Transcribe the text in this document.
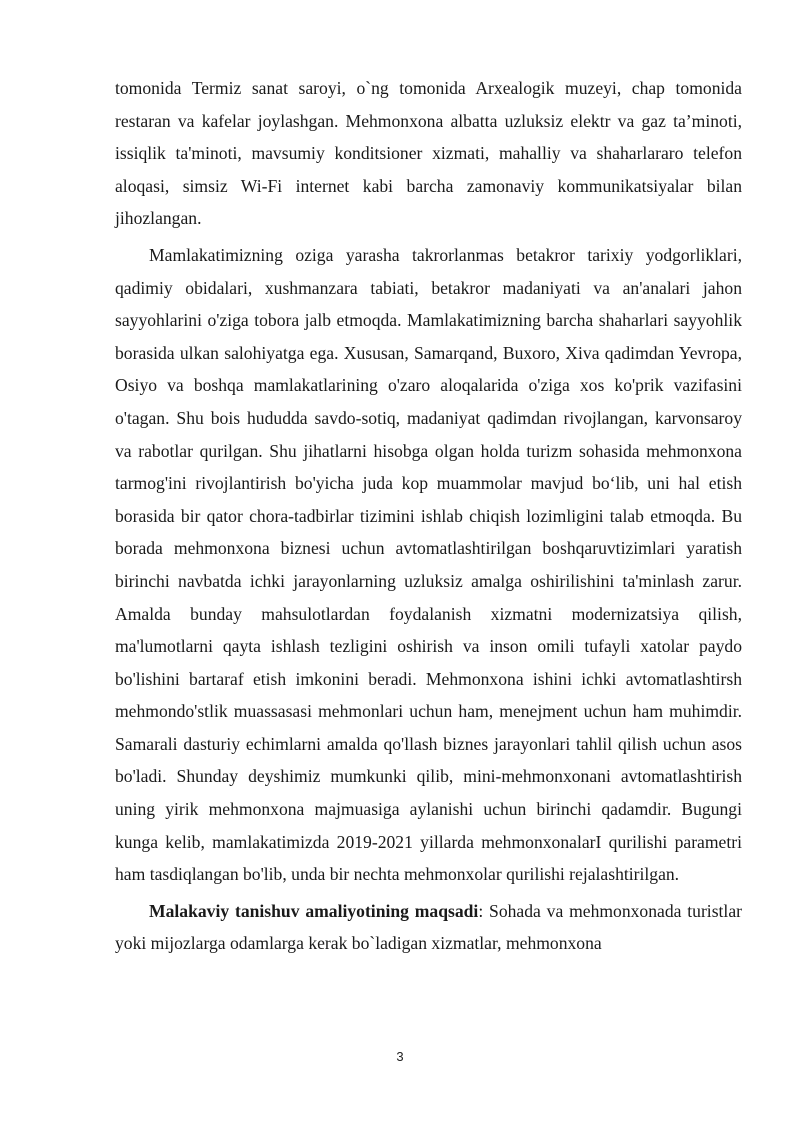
tomonida Termiz sanat saroyi, o`ng tomonida Arxealogik muzeyi, chap tomonida restaran va kafelar joylashgan. Mehmonxona albatta uzluksiz elektr va gaz ta’minoti, issiqlik ta'minoti, mavsumiy konditsioner xizmati, mahalliy va shaharlararo telefon aloqasi, simsiz Wi-Fi internet kabi barcha zamonaviy kommunikatsiyalar bilan jihozlangan.

Mamlakatimizning oziga yarasha takrorlanmas betakror tarixiy yodgorliklari, qadimiy obidalari, xushmanzara tabiati, betakror madaniyati va an'analari jahon sayyohlarini o'ziga tobora jalb etmoqda. Mamlakatimizning barcha shaharlari sayyohlik borasida ulkan salohiyatga ega. Xususan, Samarqand, Buxoro, Xiva qadimdan Yevropa, Osiyo va boshqa mamlakatlarining o'zaro aloqalarida o'ziga xos ko'prik vazifasini o'tagan. Shu bois hududda savdo-sotiq, madaniyat qadimdan rivojlangan, karvonsaroy va rabotlar qurilgan. Shu jihatlarni hisobga olgan holda turizm sohasida mehmonxona tarmog'ini rivojlantirish bo'yicha juda kop muammolar mavjud bo‘lib, uni hal etish borasida bir qator chora-tadbirlar tizimini ishlab chiqish lozimligini talab etmoqda. Bu borada mehmonxona biznesi uchun avtomatlashtirilgan boshqaruvtizimlari yaratish birinchi navbatda ichki jarayonlarning uzluksiz amalga oshirilishini ta'minlash zarur. Amalda bunday mahsulotlardan foydalanish xizmatni modernizatsiya qilish, ma'lumotlarni qayta ishlash tezligini oshirish va inson omili tufayli xatolar paydo bo'lishini bartaraf etish imkonini beradi. Mehmonxona ishini ichki avtomatlashtirsh mehmondo'stlik muassasasi mehmonlari uchun ham, menejment uchun ham muhimdir. Samarali dasturiy echimlarni amalda qo'llash biznes jarayonlari tahlil qilish uchun asos bo'ladi. Shunday deyshimiz mumkunki qilib, mini-mehmonxonani avtomatlashtirish uning yirik mehmonxona majmuasiga aylanishi uchun birinchi qadamdir. Bugungi kunga kelib, mamlakatimizda 2019-2021 yillarda mehmonxonalarI qurilishi parametri ham tasdiqlangan bo'lib, unda bir nechta mehmonxolar qurilishi rejalashtirilgan.

Malakaviy tanishuv amaliyotining maqsadi: Sohada va mehmonxonada turistlar yoki mijozlarga odamlarga kerak bo`ladigan xizmatlar, mehmonxona

3
